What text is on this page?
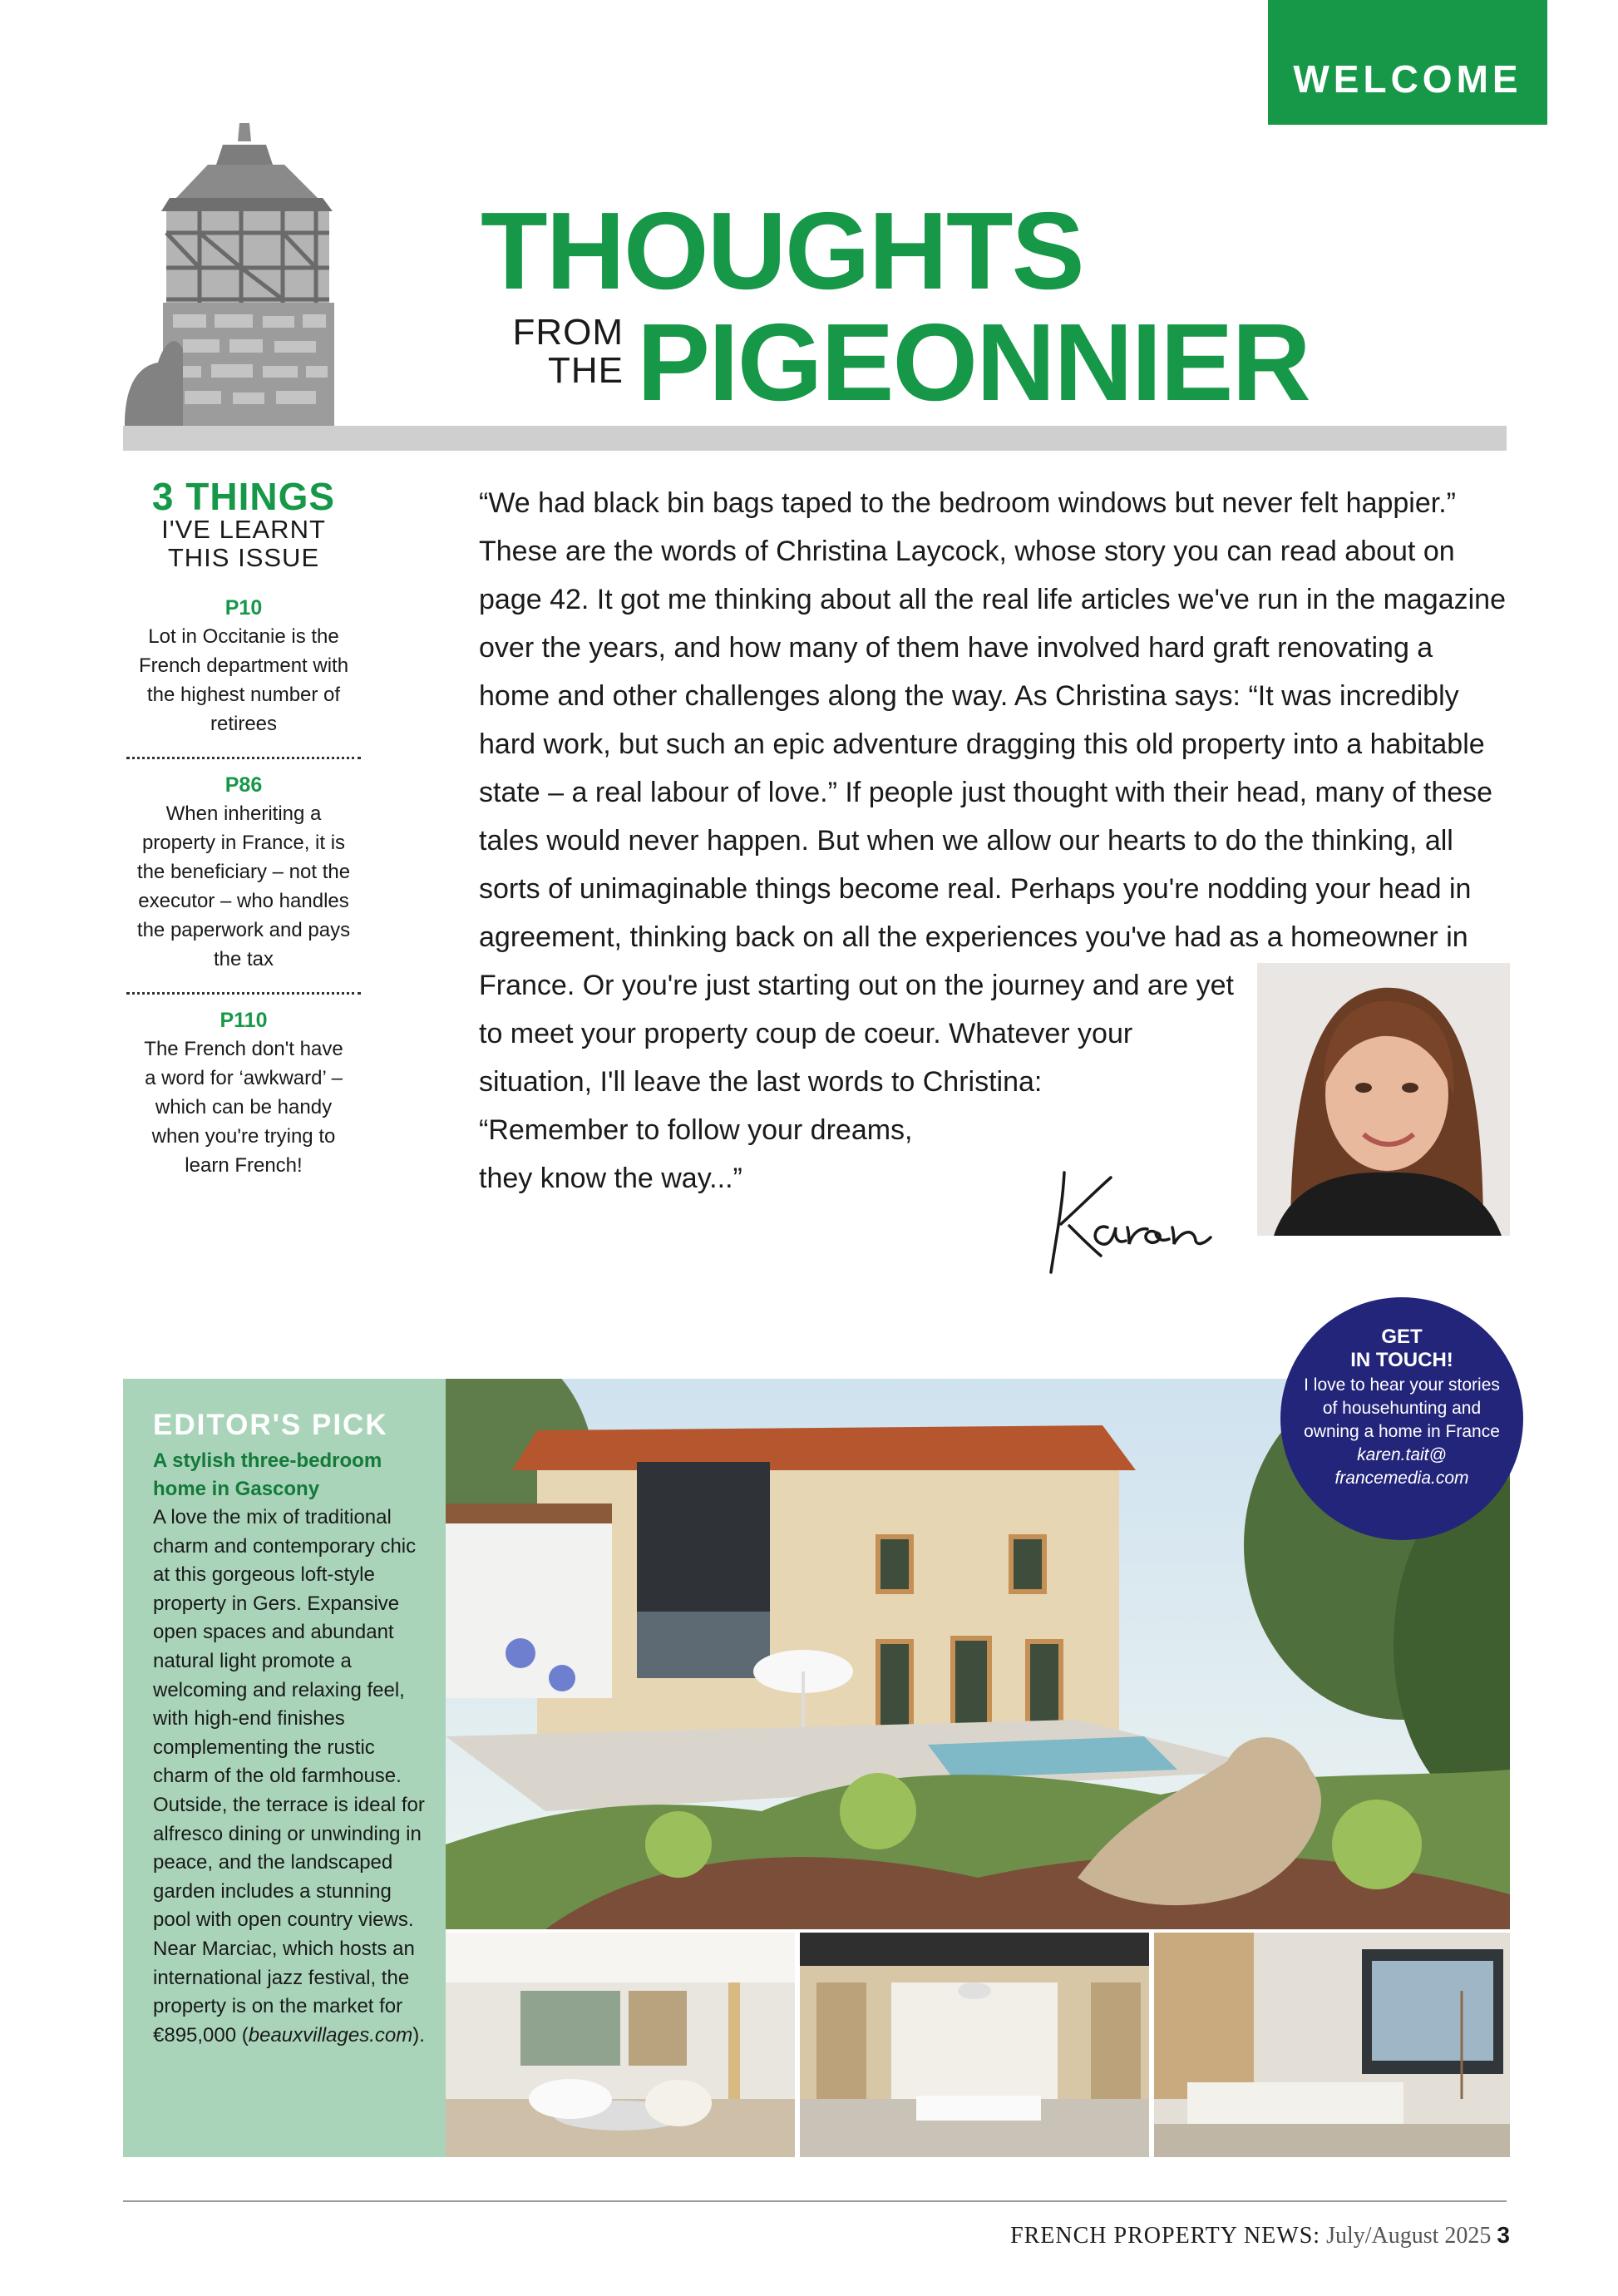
WELCOME
THOUGHTS
FROM
THE PIGEONNIER
3 THINGS
I'VE LEARNT
THIS ISSUE
P10
Lot in Occitanie is the French department with the highest number of retirees
P86
When inheriting a property in France, it is the beneficiary – not the executor – who handles the paperwork and pays the tax
P110
The French don't have a word for ‘awkward’ – which can be handy when you're trying to learn French!

“We had black bin bags taped to the bedroom windows but never felt happier.” These are the words of Christina Laycock, whose story you can read about on page 42. It got me thinking about all the real life articles we've run in the magazine over the years, and how many of them have involved hard graft renovating a home and other challenges along the way. As Christina says: “It was incredibly hard work, but such an epic adventure dragging this old property into a habitable state – a real labour of love.” If people just thought with their head, many of these tales would never happen. But when we allow our hearts to do the thinking, all sorts of unimaginable things become real. Perhaps you're nodding your head in agreement, thinking back on all the experiences you've had as a homeowner in France. Or you're just starting out on the journey and are yet to meet your property coup de coeur. Whatever your situation, I'll leave the last words to Christina:

“Remember to follow your dreams,

they know the way...”

EDITOR'S PICK
A stylish three-bedroom home in Gascony
A love the mix of traditional charm and contemporary chic at this gorgeous loft-style property in Gers. Expansive open spaces and abundant natural light promote a welcoming and relaxing feel, with high-end finishes complementing the rustic charm of the old farmhouse. Outside, the terrace is ideal for alfresco dining or unwinding in peace, and the landscaped garden includes a stunning pool with open country views. Near Marciac, which hosts an international jazz festival, the property is on the market for €895,000 (beauxvillages.com).
GET
IN TOUCH!
I love to hear your stories of househunting and owning a home in France
karen.tait@
francemedia.com
FRENCH PROPERTY NEWS: July/August 2025 3
